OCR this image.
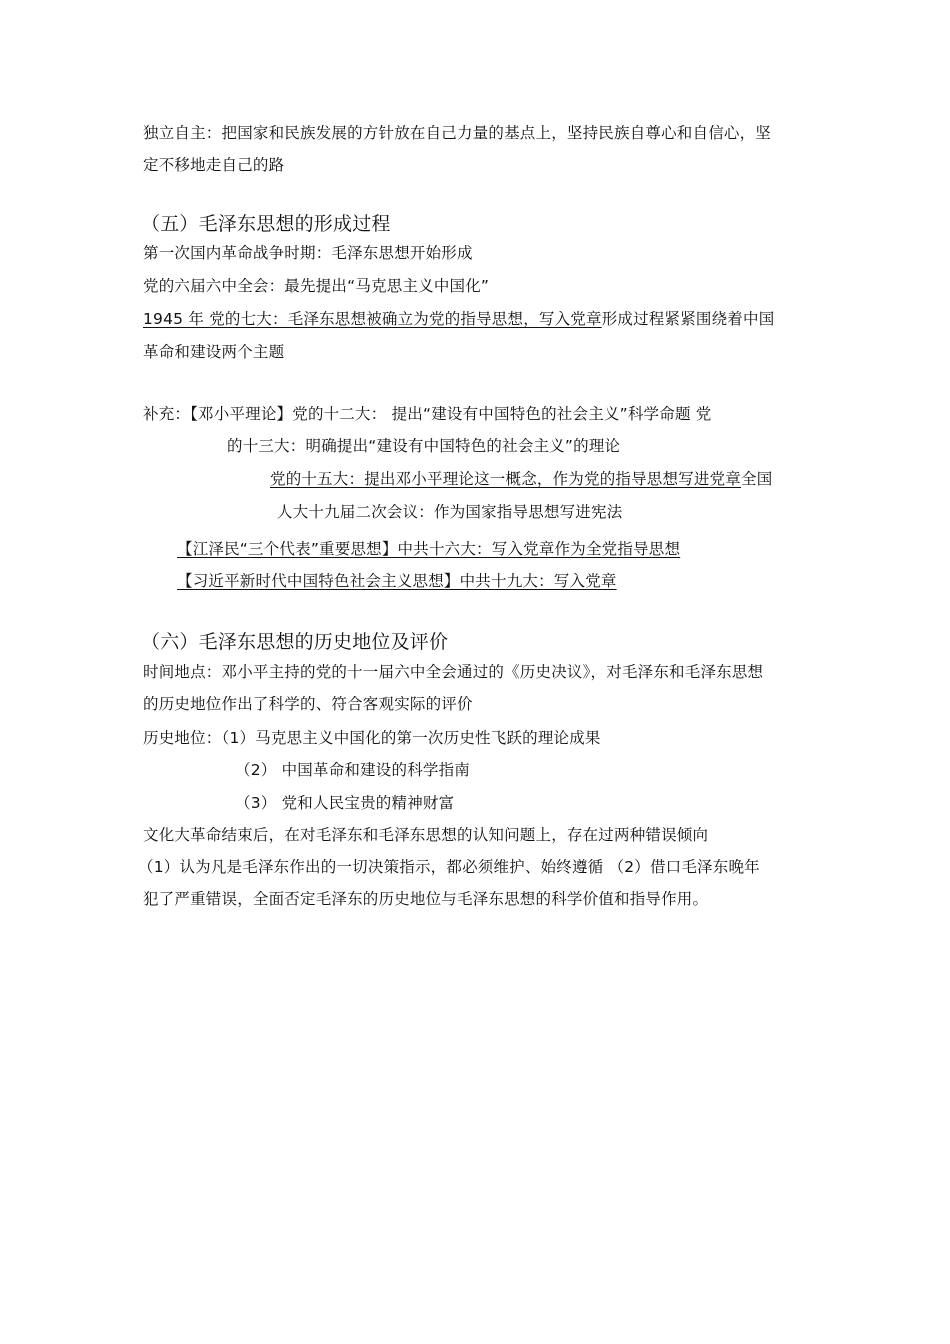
独立自主：把国家和民族发展的方针放在自己力量的基点上，坚持民族自尊心和自信心，坚
定不移地走自己的路
（五）毛泽东思想的形成过程
第一次国内革命战争时期：毛泽东思想开始形成
党的六届六中全会：最先提出“马克思主义中国化”
1945 年 党的七大：毛泽东思想被确立为党的指导思想，写入党章形成过程紧紧围绕着中国
革命和建设两个主题
补充：【邓小平理论】党的十二大： 提出“建设有中国特色的社会主义”科学命题 党
的十三大：明确提出“建设有中国特色的社会主义”的理论
党的十五大：提出邓小平理论这一概念，作为党的指导思想写进党章全国
人大十九届二次会议：作为国家指导思想写进宪法
【江泽民“三个代表”重要思想】中共十六大：写入党章作为全党指导思想
【习近平新时代中国特色社会主义思想】中共十九大：写入党章
（六）毛泽东思想的历史地位及评价
时间地点：邓小平主持的党的十一届六中全会通过的《历史决议》，对毛泽东和毛泽东思想
的历史地位作出了科学的、符合客观实际的评价
历史地位：（1）马克思主义中国化的第一次历史性飞跃的理论成果
（2） 中国革命和建设的科学指南
（3） 党和人民宝贵的精神财富
文化大革命结束后，在对毛泽东和毛泽东思想的认知问题上，存在过两种错误倾向
（1）认为凡是毛泽东作出的一切决策指示，都必须维护、始终遵循 （2）借口毛泽东晚年
犯了严重错误，全面否定毛泽东的历史地位与毛泽东思想的科学价值和指导作用。
